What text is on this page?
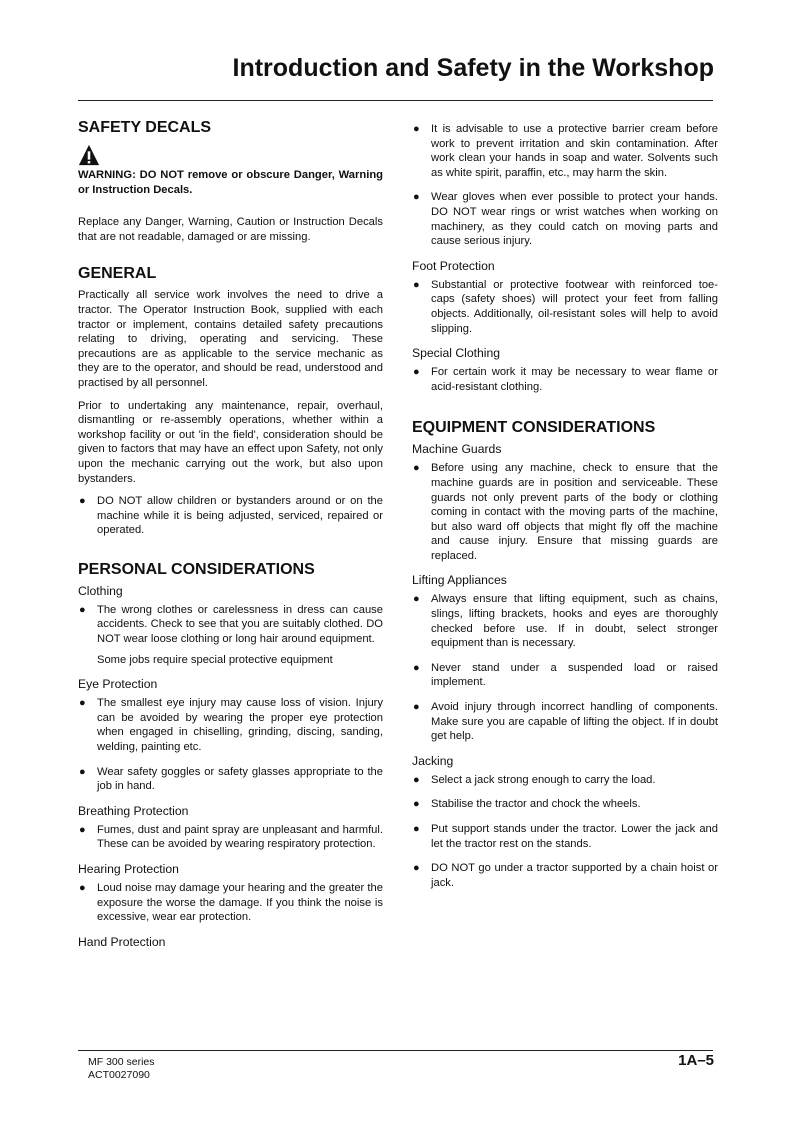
Introduction and Safety in the Workshop
SAFETY DECALS

WARNING: DO NOT remove or obscure Danger, Warning or Instruction Decals.

Replace any Danger, Warning, Caution or Instruction Decals that are not readable, damaged or are missing.

GENERAL

Practically all service work involves the need to drive a tractor. The Operator Instruction Book, supplied with each tractor or implement, contains detailed safety precautions relating to driving, operating and servicing. These precautions are as applicable to the service mechanic as they are to the operator, and should be read, understood and practised by all personnel.

Prior to undertaking any maintenance, repair, overhaul, dismantling or re-assembly operations, whether within a workshop facility or out 'in the field', consideration should be given to factors that may have an effect upon Safety, not only upon the mechanic carrying out the work, but also upon bystanders.

● DO NOT allow children or bystanders around or on the machine while it is being adjusted, serviced, repaired or operated.
PERSONAL CONSIDERATIONS
Clothing
● The wrong clothes or carelessness in dress can cause accidents. Check to see that you are suitably clothed. DO NOT wear loose clothing or long hair around equipment.

Some jobs require special protective equipment

Eye Protection
● The smallest eye injury may cause loss of vision. Injury can be avoided by wearing the proper eye protection when engaged in chiselling, grinding, discing, sanding, welding, painting etc.
● Wear safety goggles or safety glasses appropriate to the job in hand.
Breathing Protection
● Fumes, dust and paint spray are unpleasant and harmful. These can be avoided by wearing respiratory protection.
Hearing Protection
● Loud noise may damage your hearing and the greater the exposure the worse the damage. If you think the noise is excessive, wear ear protection.
Hand Protection
● It is advisable to use a protective barrier cream before work to prevent irritation and skin contamination. After work clean your hands in soap and water. Solvents such as white spirit, paraffin, etc., may harm the skin.
● Wear gloves when ever possible to protect your hands. DO NOT wear rings or wrist watches when working on machinery, as they could catch on moving parts and cause serious injury.
Foot Protection
● Substantial or protective footwear with reinforced toe-caps (safety shoes) will protect your feet from falling objects. Additionally, oil-resistant soles will help to avoid slipping.
Special Clothing
● For certain work it may be necessary to wear flame or acid-resistant clothing.
EQUIPMENT CONSIDERATIONS
Machine Guards
● Before using any machine, check to ensure that the machine guards are in position and serviceable. These guards not only prevent parts of the body or clothing coming in contact with the moving parts of the machine, but also ward off objects that might fly off the machine and cause injury. Ensure that missing guards are replaced.
Lifting Appliances
● Always ensure that lifting equipment, such as chains, slings, lifting brackets, hooks and eyes are thoroughly checked before use. If in doubt, select stronger equipment than is necessary.
● Never stand under a suspended load or raised implement.
● Avoid injury through incorrect handling of components. Make sure you are capable of lifting the object. If in doubt get help.
Jacking
● Select a jack strong enough to carry the load.
● Stabilise the tractor and chock the wheels.
● Put support stands under the tractor. Lower the jack and let the tractor rest on the stands.
● DO NOT go under a tractor supported by a chain hoist or jack.
MF 300 series
ACT0027090
1A–5
